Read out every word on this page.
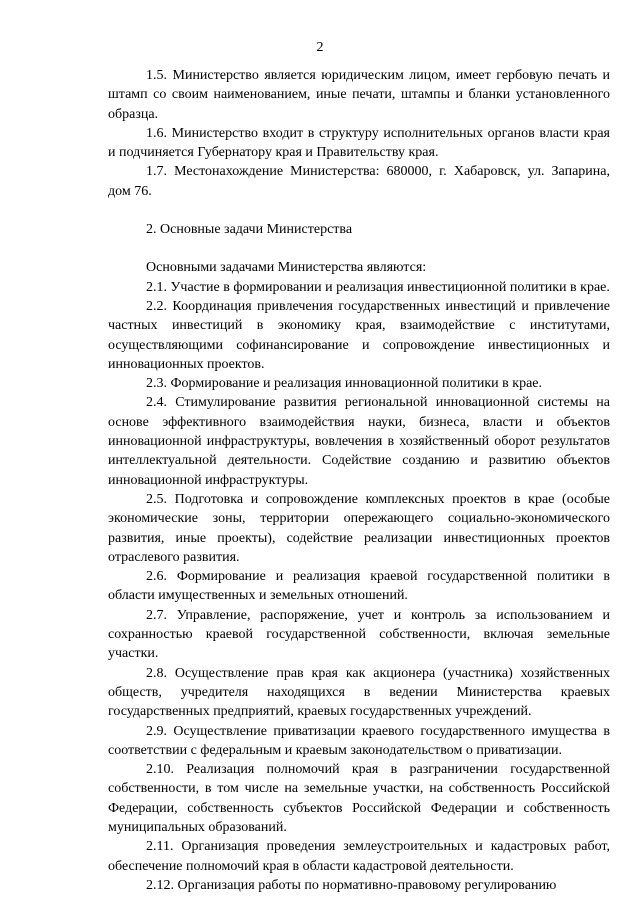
2

1.5. Министерство является юридическим лицом, имеет гербовую печать и штамп со своим наименованием, иные печати, штампы и бланки установленного образца.

1.6. Министерство входит в структуру исполнительных органов власти края и подчиняется Губернатору края и Правительству края.

1.7. Местонахождение Министерства: 680000, г. Хабаровск, ул. Запарина, дом 76.

2. Основные задачи Министерства

Основными задачами Министерства являются:

2.1. Участие в формировании и реализация инвестиционной политики в крае.

2.2. Координация привлечения государственных инвестиций и привлечение частных инвестиций в экономику края, взаимодействие с институтами, осуществляющими софинансирование и сопровождение инвестиционных и инновационных проектов.

2.3. Формирование и реализация инновационной политики в крае.

2.4. Стимулирование развития региональной инновационной системы на основе эффективного взаимодействия науки, бизнеса, власти и объектов инновационной инфраструктуры, вовлечения в хозяйственный оборот результатов интеллектуальной деятельности. Содействие созданию и развитию объектов инновационной инфраструктуры.

2.5. Подготовка и сопровождение комплексных проектов в крае (особые экономические зоны, территории опережающего социально-экономического развития, иные проекты), содействие реализации инвестиционных проектов отраслевого развития.

2.6. Формирование и реализация краевой государственной политики в области имущественных и земельных отношений.

2.7. Управление, распоряжение, учет и контроль за использованием и сохранностью краевой государственной собственности, включая земельные участки.

2.8. Осуществление прав края как акционера (участника) хозяйственных обществ, учредителя находящихся в ведении Министерства краевых государственных предприятий, краевых государственных учреждений.

2.9. Осуществление приватизации краевого государственного имущества в соответствии с федеральным и краевым законодательством о приватизации.

2.10. Реализация полномочий края в разграничении государственной собственности, в том числе на земельные участки, на собственность Российской Федерации, собственность субъектов Российской Федерации и собственность муниципальных образований.

2.11. Организация проведения землеустроительных и кадастровых работ, обеспечение полномочий края в области кадастровой деятельности.

2.12. Организация работы по нормативно-правовому регулированию
